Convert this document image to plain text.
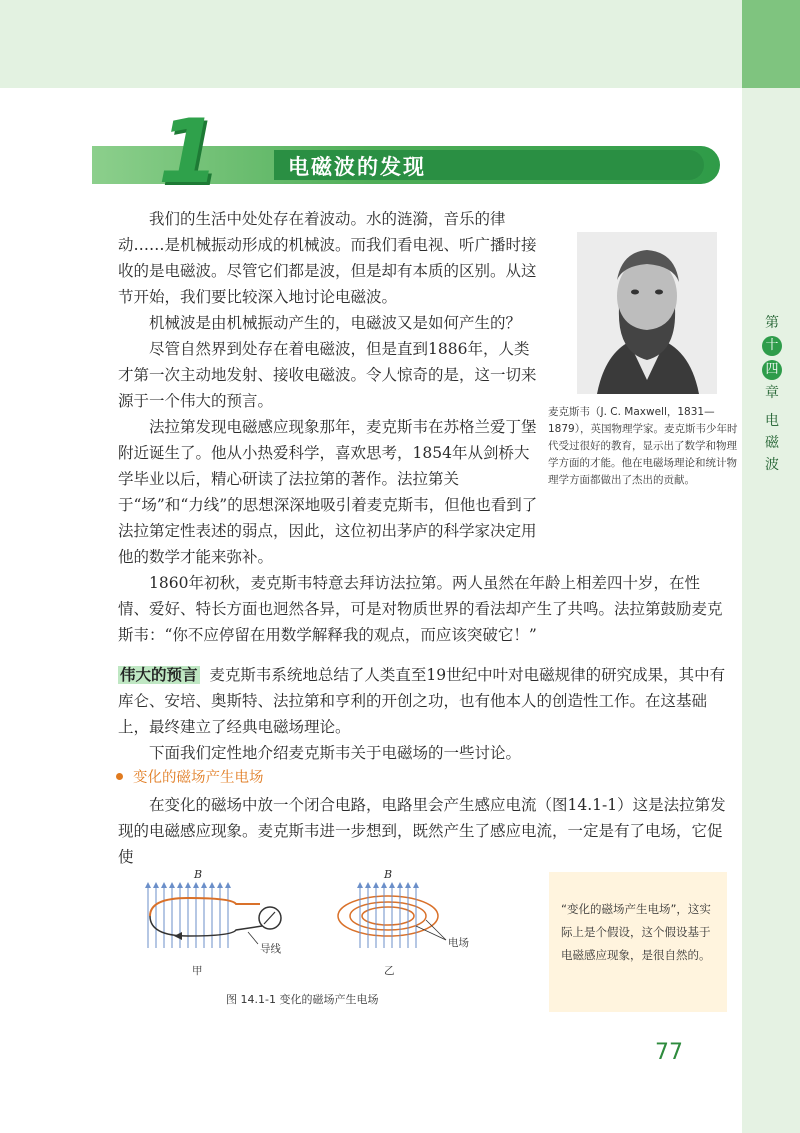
第
十 四
章
电
磁
波
1	电磁波的发现

我们的生活中处处存在着波动。水的涟漪，音乐的律动……是机械振动形成的机械波。而我们看电视、听广播时接收的是电磁波。尽管它们都是波，但是却有本质的区别。从这节开始，我们要比较深入地讨论电磁波。

机械波是由机械振动产生的，电磁波又是如何产生的？

尽管自然界到处存在着电磁波，但是直到1886年，人类才第一次主动地发射、接收电磁波。令人惊奇的是，这一切来源于一个伟大的预言。

法拉第发现电磁感应现象那年，麦克斯韦在苏格兰爱丁堡附近诞生了。他从小热爱科学，喜欢思考，1854年从剑桥大学毕业以后，精心研读了法拉第的著作。法拉第关于“场”和“力线”的思想深深地吸引着麦克斯韦，但他也看到了法拉第定性表述的弱点，因此，这位初出茅庐的科学家决定用他的数学才能来弥补。

麦克斯韦（J. C. Maxwell，1831—1879），英国物理学家。麦克斯韦少年时代受过很好的教育，显示出了数学和物理学方面的才能。他在电磁场理论和统计物理学方面都做出了杰出的贡献。

1860年初秋，麦克斯韦特意去拜访法拉第。两人虽然在年龄上相差四十岁，在性情、爱好、特长方面也迥然各异，可是对物质世界的看法却产生了共鸣。法拉第鼓励麦克斯韦：“你不应停留在用数学解释我的观点，而应该突破它！”

伟大的预言 麦克斯韦系统地总结了人类直至19世纪中叶对电磁规律的研究成果，其中有库仑、安培、奥斯特、法拉第和亨利的开创之功，也有他本人的创造性工作。在这基础上，最终建立了经典电磁场理论。

下面我们定性地介绍麦克斯韦关于电磁场的一些讨论。

变化的磁场产生电场

在变化的磁场中放一个闭合电路，电路里会产生感应电流（图14.1-1）这是法拉第发现的电磁感应现象。麦克斯韦进一步想到，既然产生了感应电流，一定是有了电场，它促使

B
导线
甲
B
电场
乙
图 14.1-1 变化的磁场产生电场
“变化的磁场产生电场”，这实际上是个假设，这个假设基于电磁感应现象，是很自然的。
77
